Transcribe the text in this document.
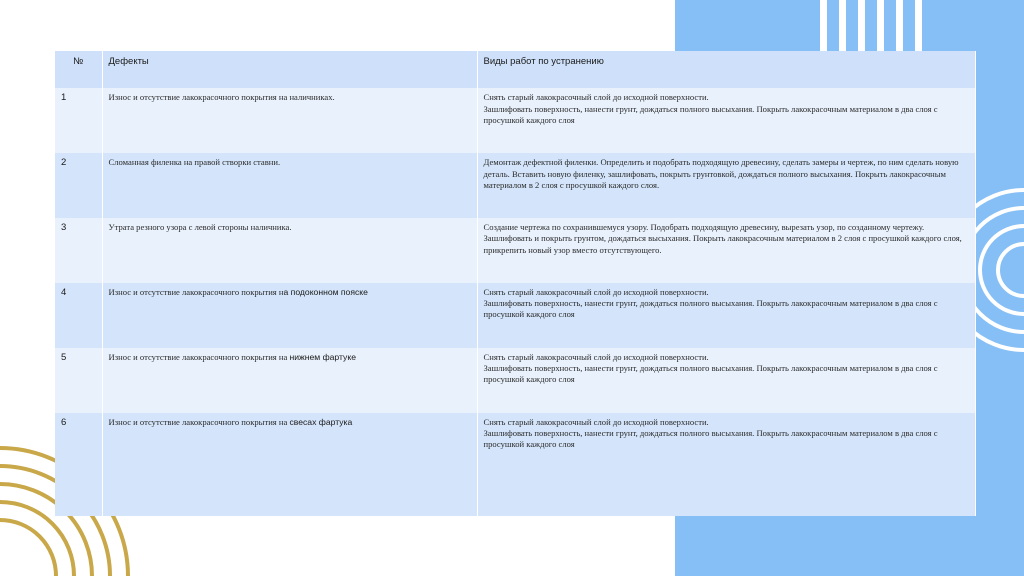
№	Дефекты	Виды работ по устранению
1	Износ и отсутствие лакокрасочного покрытия на наличниках.	Снять старый лакокрасочный слой до исходной поверхности.
Зашлифовать поверхность, нанести грунт, дождаться полного высыхания. Покрыть лакокрасочным материалом в два слоя с просушкой каждого слоя
2	Сломанная филенка на правой створки ставни.	Демонтаж дефектной филенки. Определить и подобрать подходящую древесину, сделать замеры и чертеж, по ним сделать новую деталь. Вставить новую филенку, зашлифовать, покрыть грунтовкой, дождаться полного высыхания. Покрыть лакокрасочным материалом в 2 слоя с просушкой каждого слоя.
3	Утрата резного узора с левой стороны наличника.	Создание чертежа по сохранившемуся узору. Подобрать подходящую древесину, вырезать узор, по созданному чертежу. Зашлифовать и покрыть грунтом, дождаться высыхания. Покрыть лакокрасочным материалом в 2 слоя с просушкой каждого слоя, прикрепить новый узор вместо отсутствующего.
4	Износ и отсутствие лакокрасочного покрытия на подоконном пояске	Снять старый лакокрасочный слой до исходной поверхности.
Зашлифовать поверхность, нанести грунт, дождаться полного высыхания. Покрыть лакокрасочным материалом в два слоя с просушкой каждого слоя
5	Износ и отсутствие лакокрасочного покрытия на нижнем фартуке	Снять старый лакокрасочный слой до исходной поверхности.
Зашлифовать поверхность, нанести грунт, дождаться полного высыхания. Покрыть лакокрасочным материалом в два слоя с просушкой каждого слоя
6	Износ и отсутствие лакокрасочного покрытия на свесах фартука	Снять старый лакокрасочный слой до исходной поверхности.
Зашлифовать поверхность, нанести грунт, дождаться полного высыхания. Покрыть лакокрасочным материалом в два слоя с просушкой каждого слоя
